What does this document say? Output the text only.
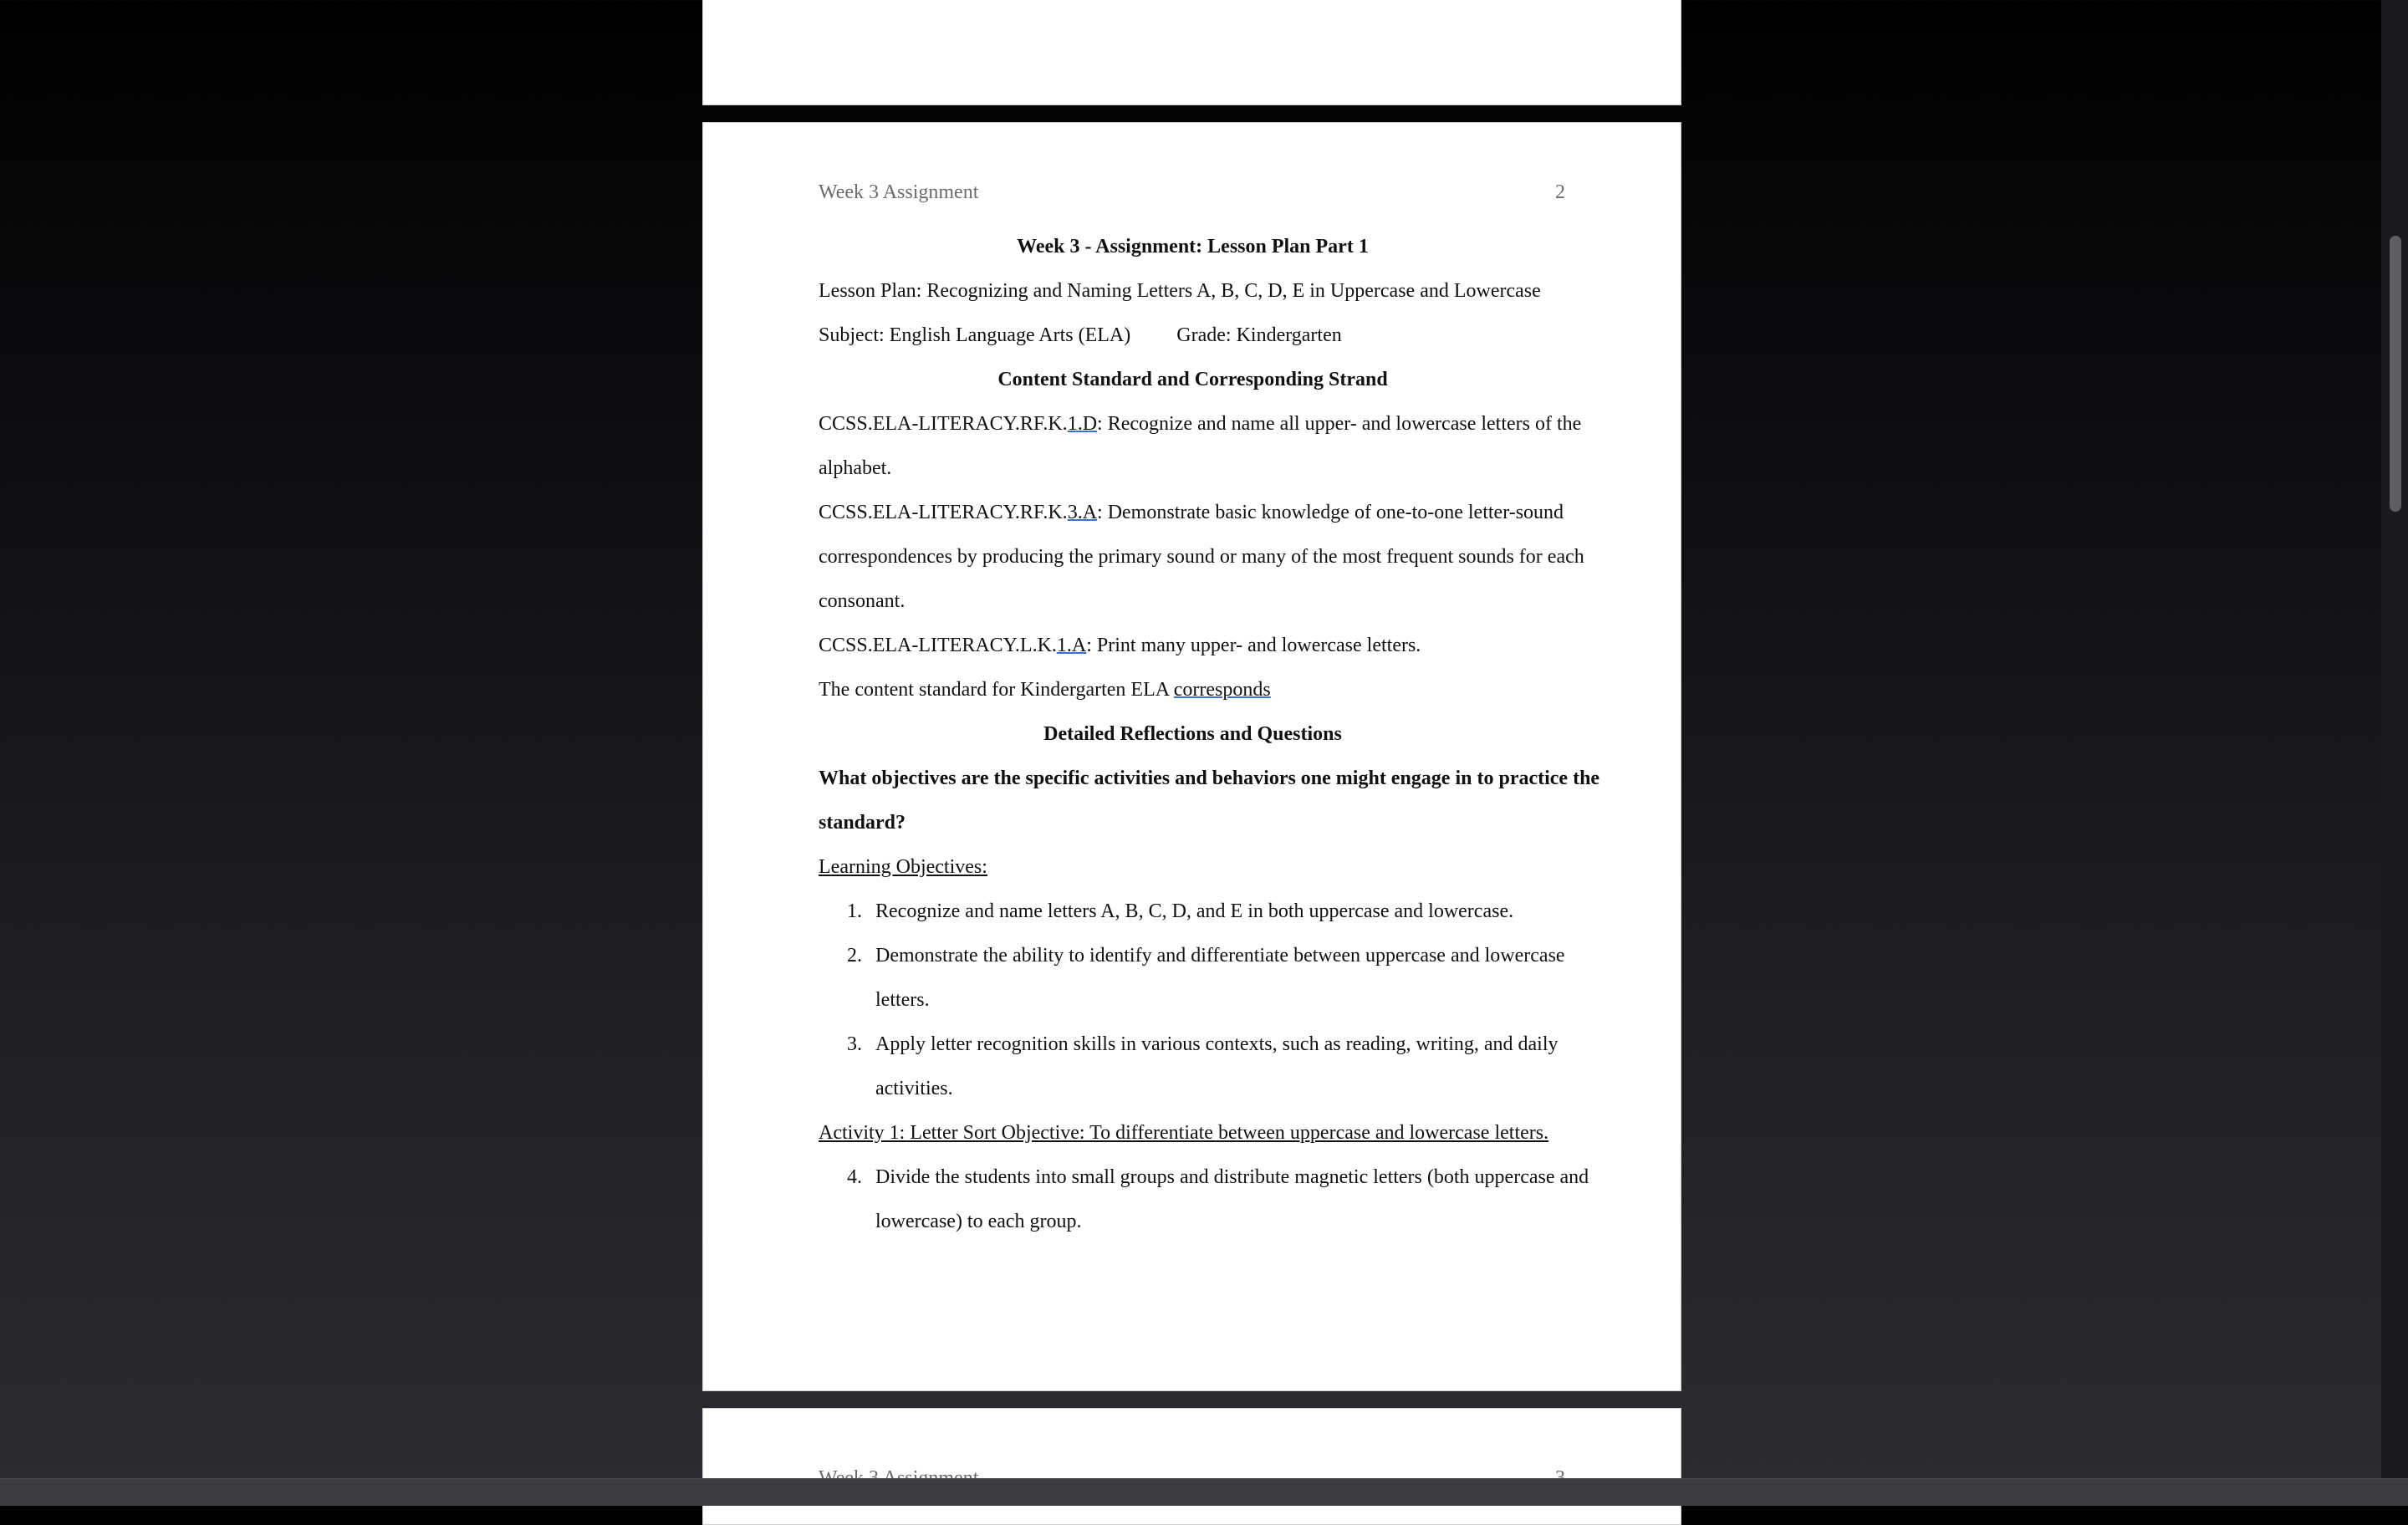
Week 3 Assignment	2
Week 3 - Assignment: Lesson Plan Part 1
Lesson Plan: Recognizing and Naming Letters A, B, C, D, E in Uppercase and Lowercase
Subject: English Language Arts (ELA) Grade: Kindergarten
Content Standard and Corresponding Strand
CCSS.ELA-LITERACY.RF.K.1.D: Recognize and name all upper- and lowercase letters of the
alphabet.
CCSS.ELA-LITERACY.RF.K.3.A: Demonstrate basic knowledge of one-to-one letter-sound
correspondences by producing the primary sound or many of the most frequent sounds for each
consonant.
CCSS.ELA-LITERACY.L.K.1.A: Print many upper- and lowercase letters.
The content standard for Kindergarten ELA corresponds
Detailed Reflections and Questions
What objectives are the specific activities and behaviors one might engage in to practice the
standard?
Learning Objectives:
1. Recognize and name letters A, B, C, D, and E in both uppercase and lowercase.
2. Demonstrate the ability to identify and differentiate between uppercase and lowercase
letters.
3. Apply letter recognition skills in various contexts, such as reading, writing, and daily
activities.
Activity 1: Letter Sort Objective: To differentiate between uppercase and lowercase letters.
4. Divide the students into small groups and distribute magnetic letters (both uppercase and
lowercase) to each group.
